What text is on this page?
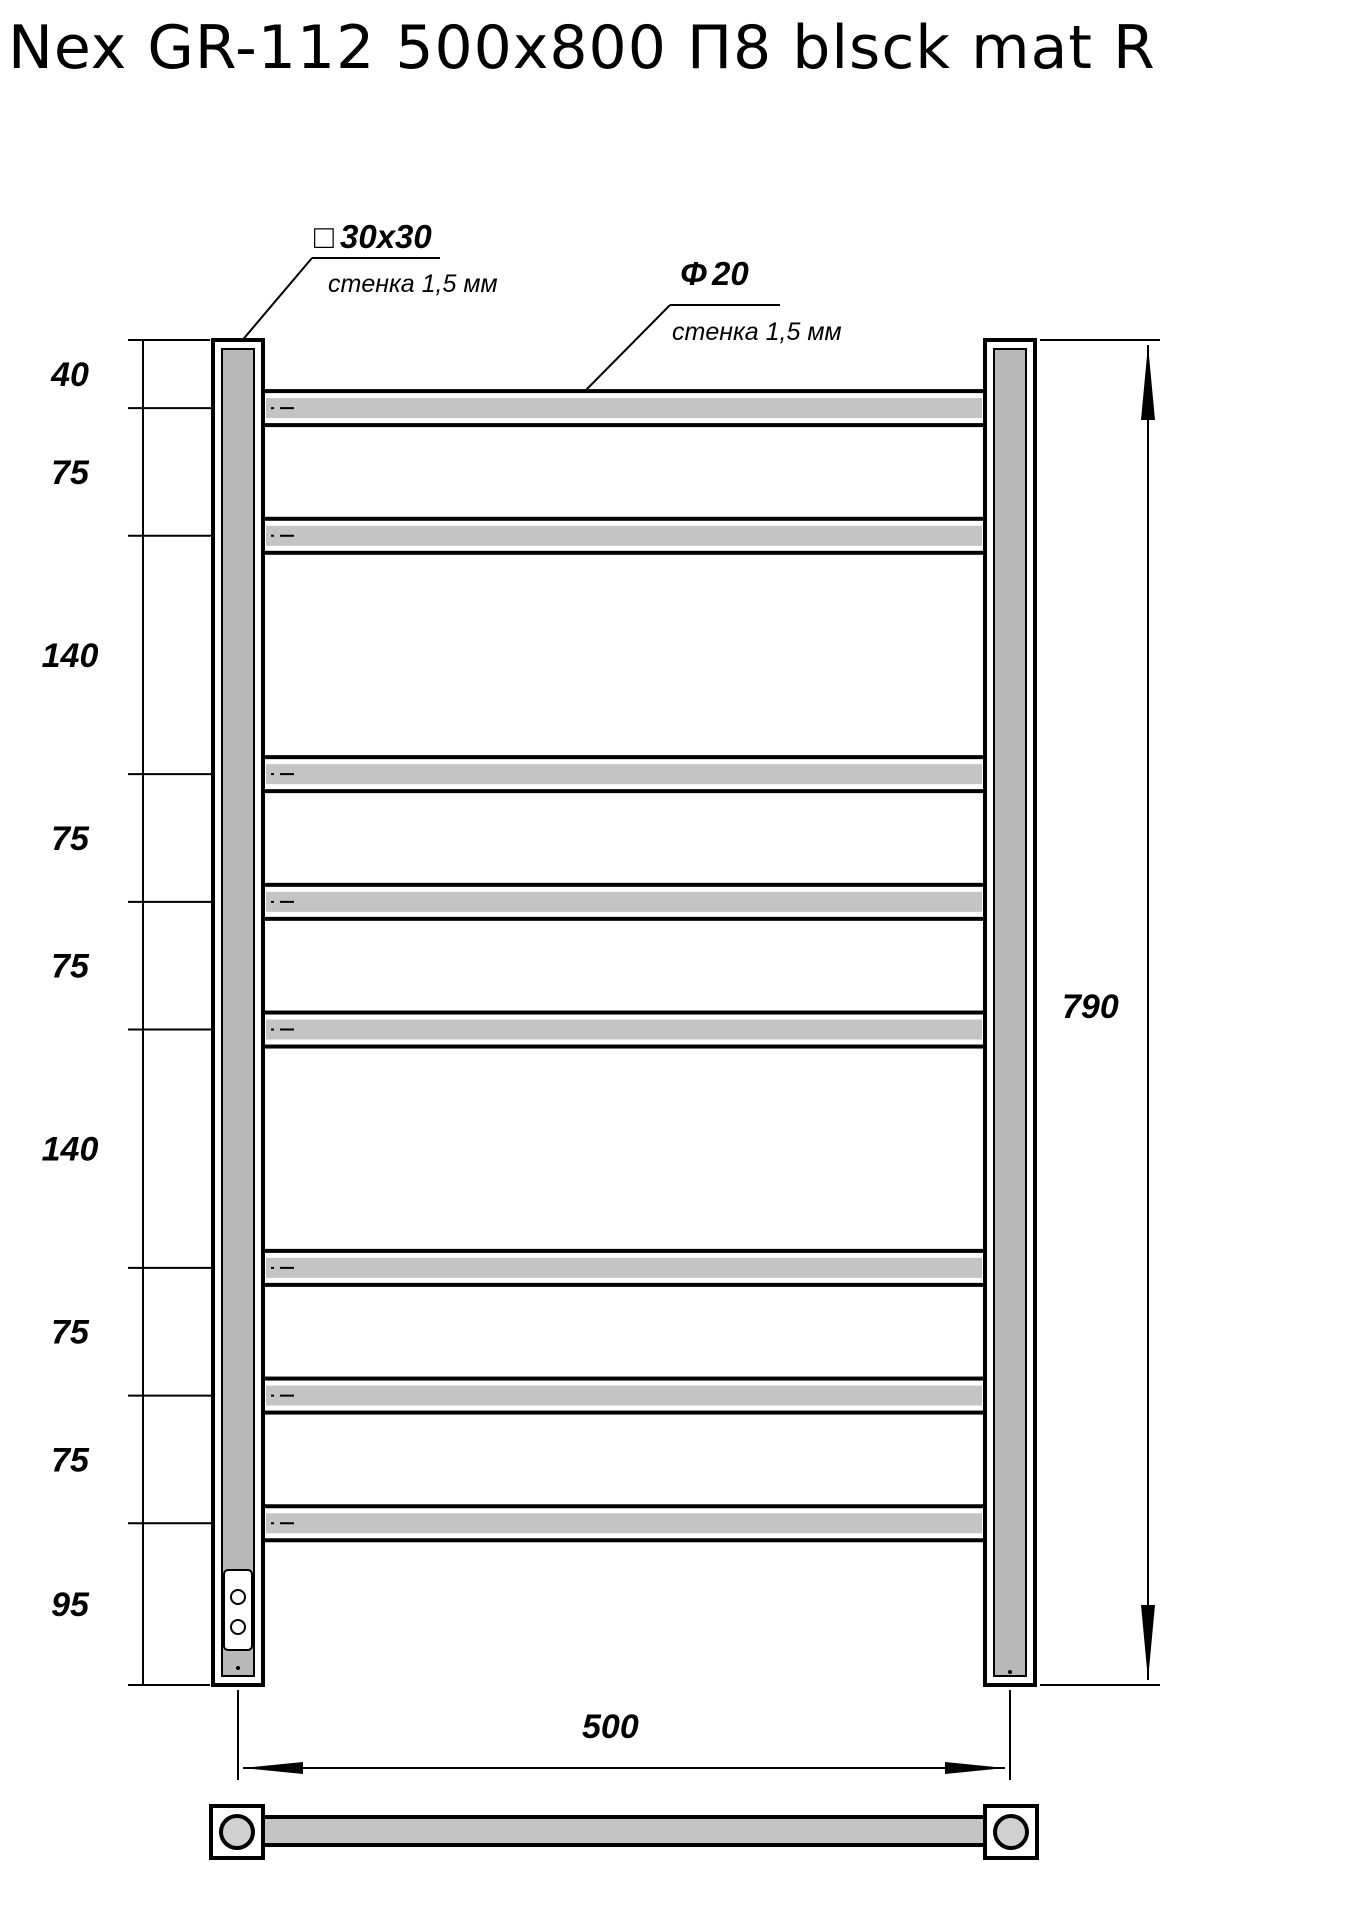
Nex GR-112 500x800 П8 blsck mat R
□ 30x30
стенка 1,5 мм	Φ 20
стенка 1,5 мм
40
75
140
75
75
140
75
75
95
790
500
